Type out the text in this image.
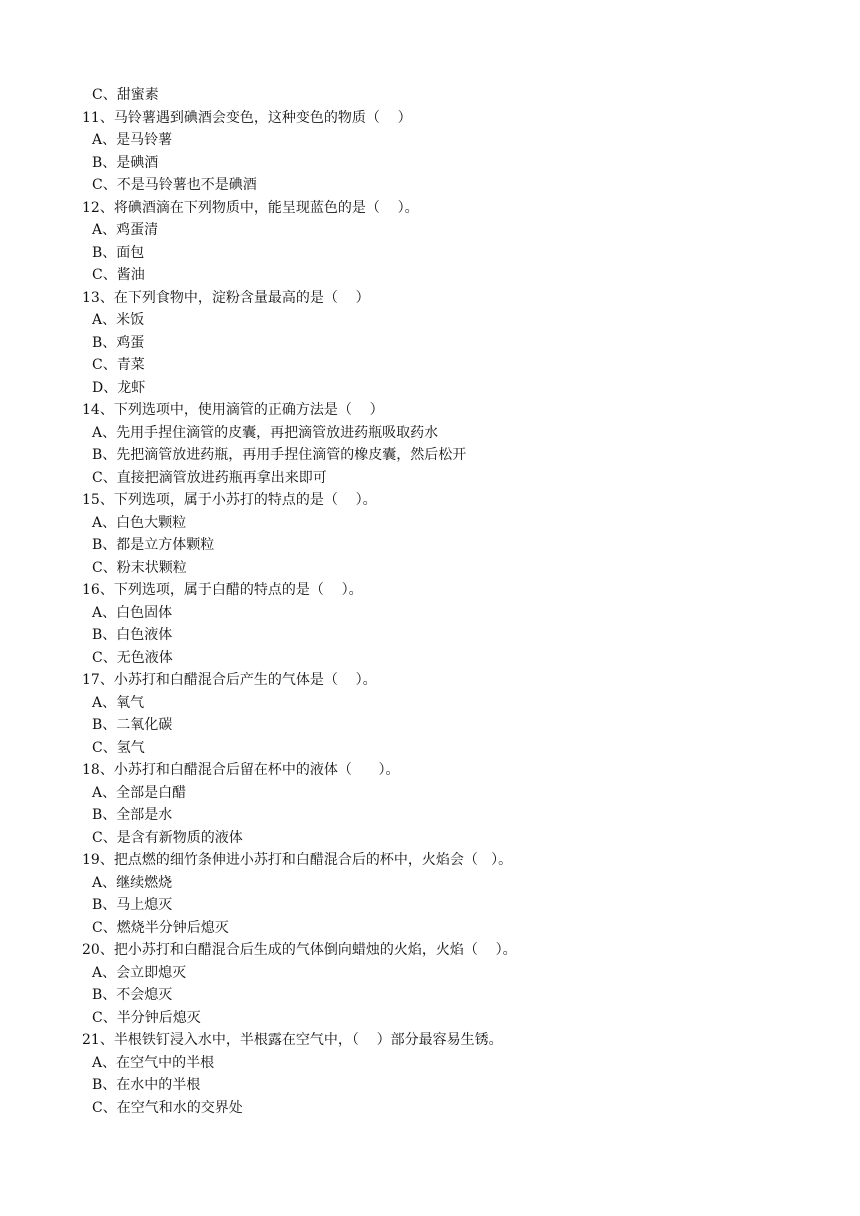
C、甜蜜素
11、马铃薯遇到碘酒会变色，这种变色的物质（    ）
A、是马铃薯
B、是碘酒
C、不是马铃薯也不是碘酒
12、将碘酒滴在下列物质中，能呈现蓝色的是（    ）。
A、鸡蛋清
B、面包
C、酱油
13、在下列食物中，淀粉含量最高的是（    ）
A、米饭
B、鸡蛋
C、青菜
D、龙虾
14、下列选项中，使用滴管的正确方法是（    ）
A、先用手捏住滴管的皮囊，再把滴管放进药瓶吸取药水
B、先把滴管放进药瓶，再用手捏住滴管的橡皮囊，然后松开
C、直接把滴管放进药瓶再拿出来即可
15、下列选项，属于小苏打的特点的是（    ）。
A、白色大颗粒
B、都是立方体颗粒
C、粉末状颗粒
16、下列选项，属于白醋的特点的是（    ）。
A、白色固体
B、白色液体
C、无色液体
17、小苏打和白醋混合后产生的气体是（    ）。
A、氧气
B、二氧化碳
C、氢气
18、小苏打和白醋混合后留在杯中的液体（      ）。
A、全部是白醋
B、全部是水
C、是含有新物质的液体
19、把点燃的细竹条伸进小苏打和白醋混合后的杯中，火焰会（   ）。
A、继续燃烧
B、马上熄灭
C、燃烧半分钟后熄灭
20、把小苏打和白醋混合后生成的气体倒向蜡烛的火焰，火焰（    ）。
A、会立即熄灭
B、不会熄灭
C、半分钟后熄灭
21、半根铁钉浸入水中，半根露在空气中，（    ）部分最容易生锈。
A、在空气中的半根
B、在水中的半根
C、在空气和水的交界处
